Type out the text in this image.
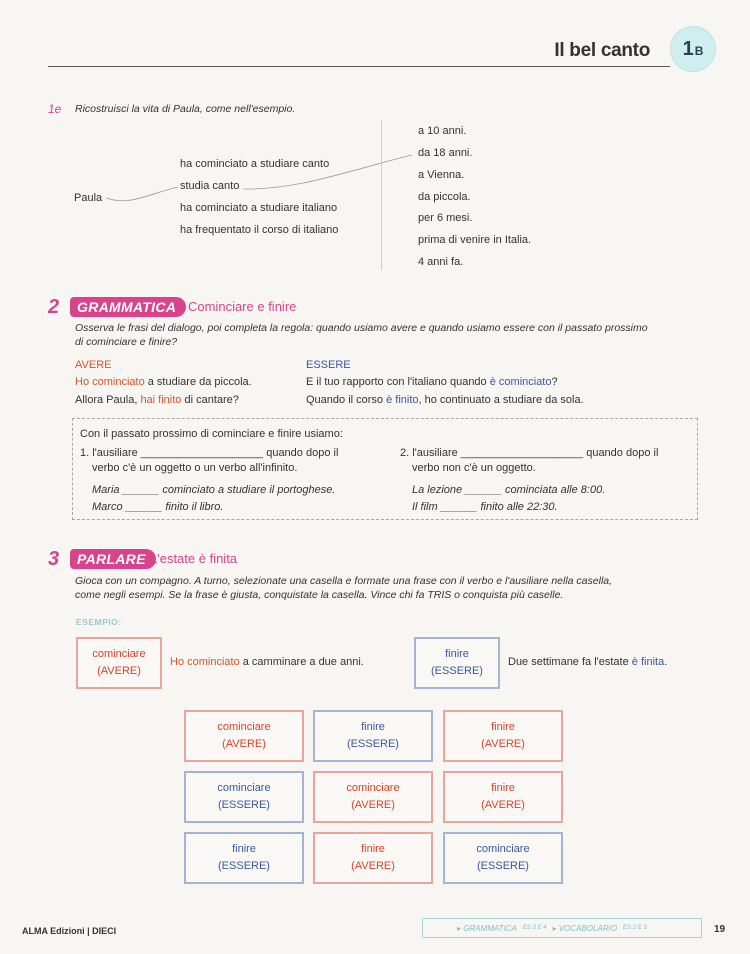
Il bel canto 1 B
1e Ricostruisci la vita di Paula, come nell'esempio.
Paula
ha cominciato a studiare canto
studia canto
ha cominciato a studiare italiano
ha frequentato il corso di italiano
a 10 anni.
da 18 anni.
a Vienna.
da piccola.
per 6 mesi.
prima di venire in Italia.
4 anni fa.
2	GRAMMATICA Cominciare e finire
Osserva le frasi del dialogo, poi completa la regola: quando usiamo avere e quando usiamo essere con il passato prossimo
di cominciare e finire?
AVERE
Ho cominciato a studiare da piccola.
Allora Paula, hai finito di cantare?
ESSERE
E il tuo rapporto con l'italiano quando è cominciato?
Quando il corso è finito, ho continuato a studiare da sola.
Con il passato prossimo di cominciare e finire usiamo:
1. l'ausiliare ____________________ quando dopo il
verbo c'è un oggetto o un verbo all'infinito.
Maria ______ cominciato a studiare il portoghese.
Marco ______ finito il libro.
2. l'ausiliare ____________________ quando dopo il
verbo non c'è un oggetto.
La lezione ______ cominciata alle 8:00.
Il film ______ finito alle 22:30.
3	PARLARE L'estate è finita
Gioca con un compagno. A turno, selezionate una casella e formate una frase con il verbo e l'ausiliare nella casella,
come negli esempi. Se la frase è giusta, conquistate la casella. Vince chi fa TRIS o conquista più caselle.
ESEMPIO:
cominciare
(AVERE)
Ho cominciato a camminare a due anni.
finire
(ESSERE)
Due settimane fa l'estate è finita.
cominciare
(AVERE)
finire
(ESSERE)
finire
(AVERE)
cominciare
(ESSERE)
cominciare
(AVERE)
finire
(AVERE)
finire
(ESSERE)
finire
(AVERE)
cominciare
(ESSERE)
ALMA Edizioni | DIECI	▸ GRAMMATICA ES 3 E 4 ▸ VOCABOLARIO ES 2 E 3	19
